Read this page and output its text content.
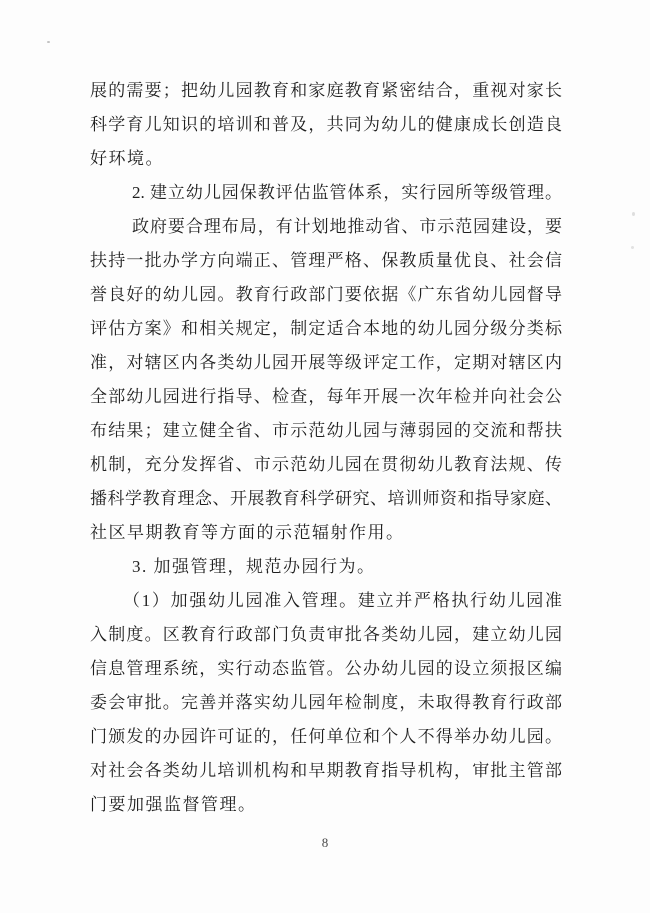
展的需要；把幼儿园教育和家庭教育紧密结合，重视对家长
科学育儿知识的培训和普及，共同为幼儿的健康成长创造良
好环境。
2. 建立幼儿园保教评估监管体系，实行园所等级管理。
政府要合理布局，有计划地推动省、市示范园建设，要
扶持一批办学方向端正、管理严格、保教质量优良、社会信
誉良好的幼儿园。教育行政部门要依据《广东省幼儿园督导
评估方案》和相关规定，制定适合本地的幼儿园分级分类标
准，对辖区内各类幼儿园开展等级评定工作，定期对辖区内
全部幼儿园进行指导、检查，每年开展一次年检并向社会公
布结果；建立健全省、市示范幼儿园与薄弱园的交流和帮扶
机制，充分发挥省、市示范幼儿园在贯彻幼儿教育法规、传
播科学教育理念、开展教育科学研究、培训师资和指导家庭、
社区早期教育等方面的示范辐射作用。
3. 加强管理，规范办园行为。
（1）加强幼儿园准入管理。建立并严格执行幼儿园准
入制度。区教育行政部门负责审批各类幼儿园，建立幼儿园
信息管理系统，实行动态监管。公办幼儿园的设立须报区编
委会审批。完善并落实幼儿园年检制度，未取得教育行政部
门颁发的办园许可证的，任何单位和个人不得举办幼儿园。
对社会各类幼儿培训机构和早期教育指导机构，审批主管部
门要加强监督管理。
8
